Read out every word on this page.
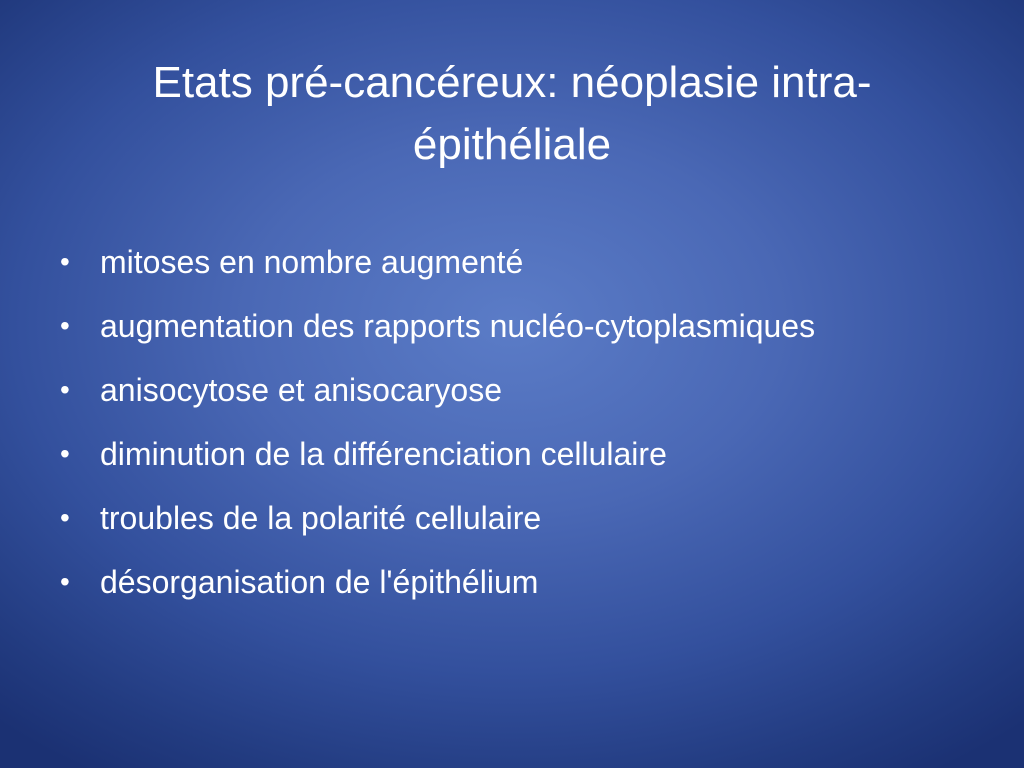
Etats pré-cancéreux: néoplasie intra-épithéliale
• mitoses en nombre augmenté
• augmentation des rapports nucléo-cytoplasmiques
• anisocytose et anisocaryose
• diminution de la différenciation cellulaire
• troubles de la polarité cellulaire
• désorganisation de l'épithélium
